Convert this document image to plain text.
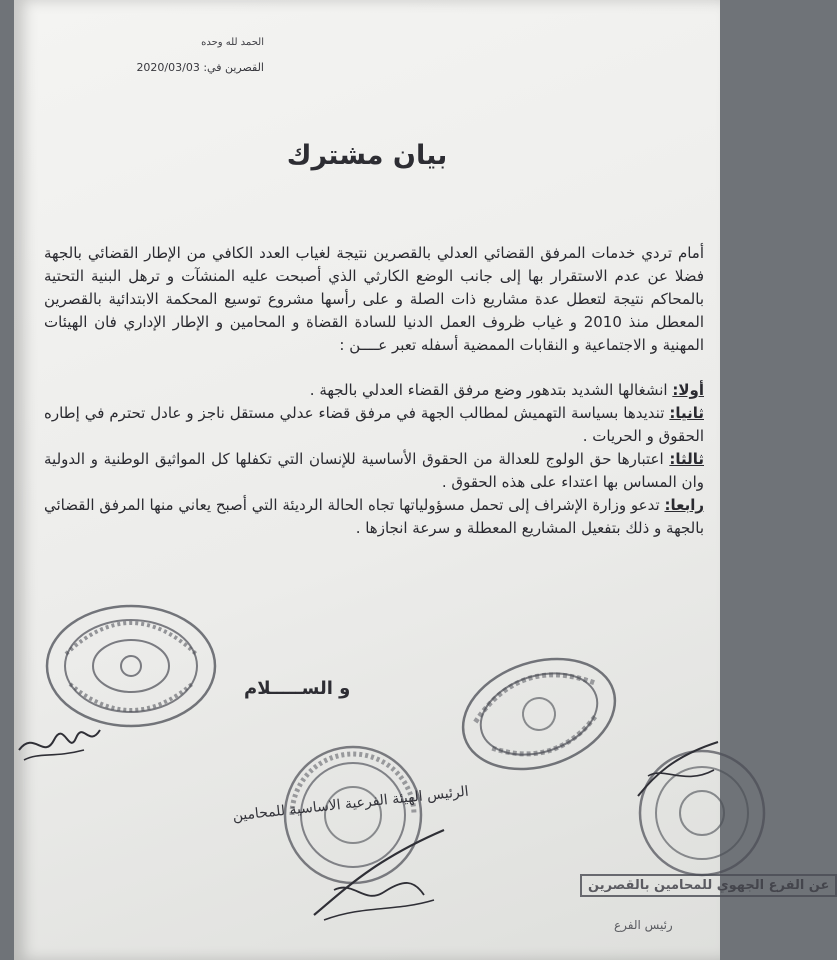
الحمد لله وحده
القصرين في: 2020/03/03
بيان مشترك

أمام تردي خدمات المرفق القضائي العدلي بالقصرين نتيجة لغياب العدد الكافي من الإطار القضائي بالجهة فضلا عن عدم الاستقرار بها إلى جانب الوضع الكارثي الذي أصبحت عليه المنشآت و ترهل البنية التحتية بالمحاكم نتيجة لتعطل عدة مشاريع ذات الصلة و على رأسها مشروع توسيع المحكمة الابتدائية بالقصرين المعطل منذ 2010 و غياب ظروف العمل الدنيا للسادة القضاة و المحامين و الإطار الإداري فان الهيئات المهنية و الاجتماعية و النقابات الممضية أسفله تعبر عــــن :

أولا: انشغالها الشديد بتدهور وضع مرفق القضاء العدلي بالجهة .

ثانيا: تنديدها بسياسة التهميش لمطالب الجهة في مرفق قضاء عدلي مستقل ناجز و عادل تحترم في إطاره الحقوق و الحريات .

ثالثا: اعتبارها حق الولوج للعدالة من الحقوق الأساسية للإنسان التي تكفلها كل المواثيق الوطنية و الدولية وان المساس بها اعتداء على هذه الحقوق .

رابعا: تدعو وزارة الإشراف إلى تحمل مسؤولياتها تجاه الحالة الرديئة التي أصبح يعاني منها المرفق القضائي بالجهة و ذلك بتفعيل المشاريع المعطلة و سرعة انجازها .

و الســـــلام
الرئيس الهيئة الفرعية الاساسية للمحامين
عن الفرع الجهوي للمحامين بالقصرين
رئيس الفرع
